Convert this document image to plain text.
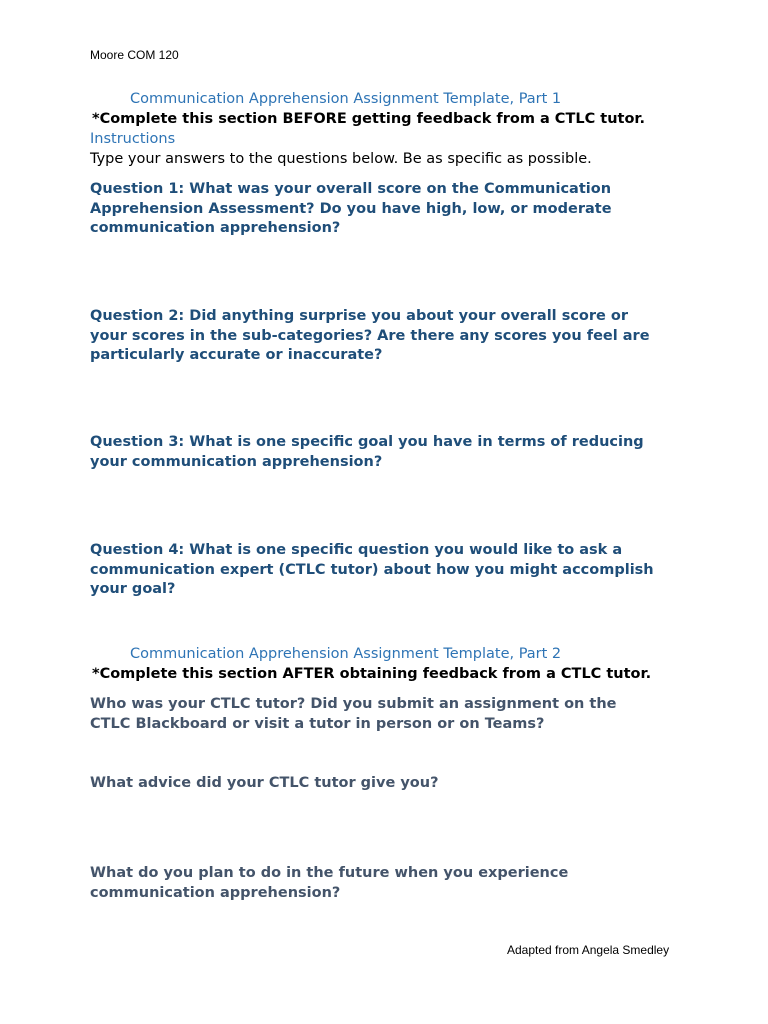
Moore COM 120

Communication Apprehension Assignment Template, Part 1

*Complete this section BEFORE getting feedback from a CTLC tutor.

Instructions

Type your answers to the questions below. Be as specific as possible.

Question 1: What was your overall score on the Communication
Apprehension Assessment? Do you have high, low, or moderate
communication apprehension?
Question 2: Did anything surprise you about your overall score or
your scores in the sub-categories? Are there any scores you feel are
particularly accurate or inaccurate?
Question 3: What is one specific goal you have in terms of reducing
your communication apprehension?
Question 4: What is one specific question you would like to ask a
communication expert (CTLC tutor) about how you might accomplish
your goal?

Communication Apprehension Assignment Template, Part 2

*Complete this section AFTER obtaining feedback from a CTLC tutor.

Who was your CTLC tutor? Did you submit an assignment on the
CTLC Blackboard or visit a tutor in person or on Teams?
What advice did your CTLC tutor give you?
What do you plan to do in the future when you experience
communication apprehension?

Adapted from Angela Smedley
